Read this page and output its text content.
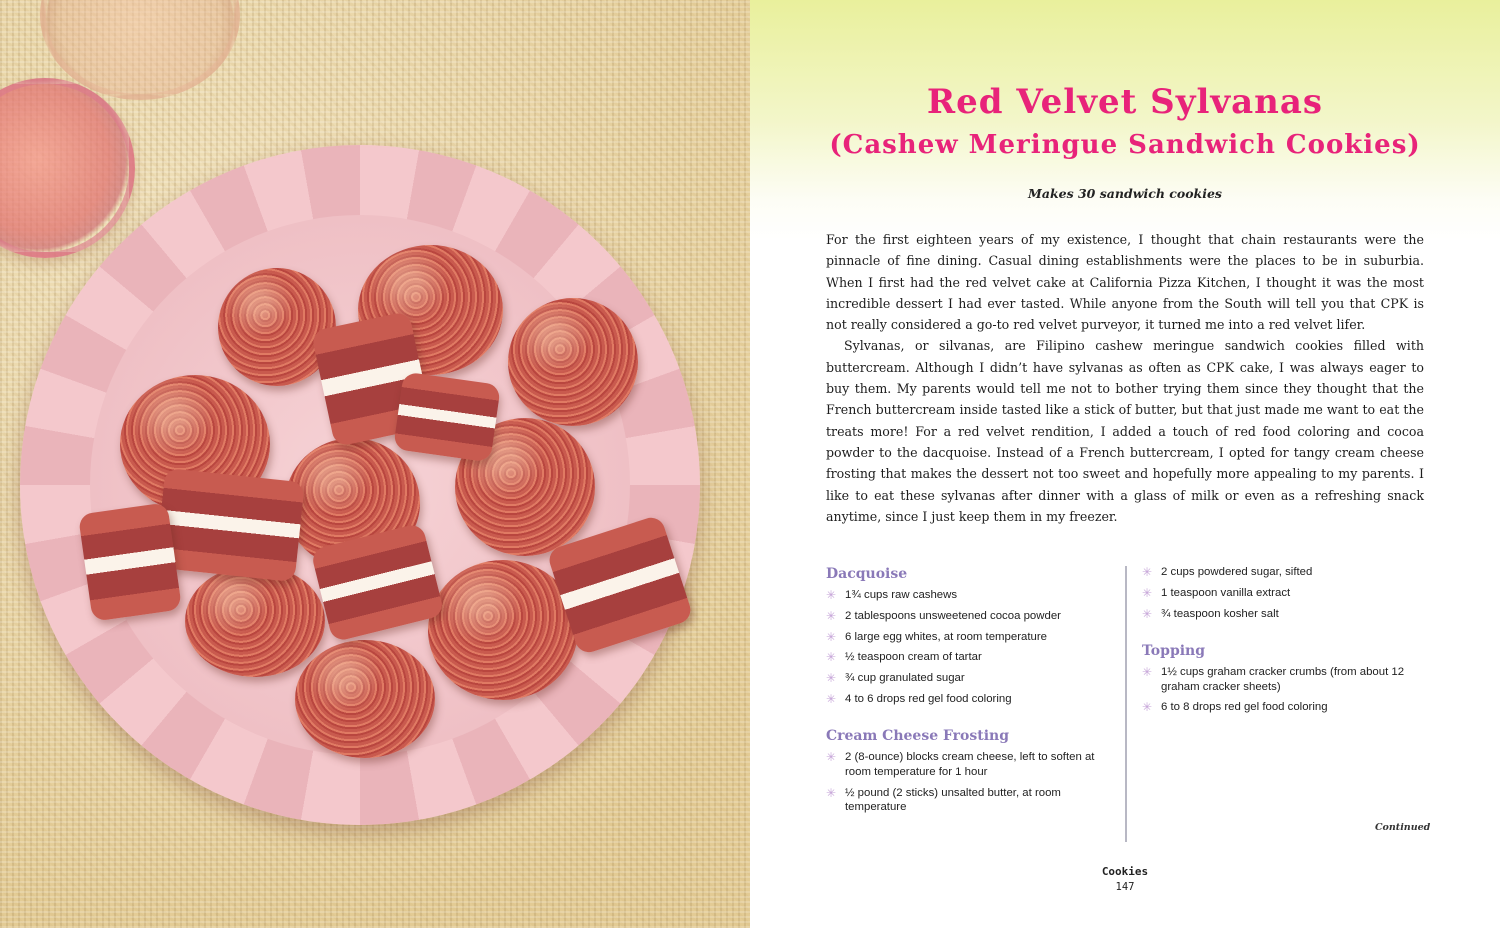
Red Velvet Sylvanas
(Cashew Meringue Sandwich Cookies)
Makes 30 sandwich cookies

For the first eighteen years of my existence, I thought that chain restaurants were the pinnacle of fine dining. Casual dining establishments were the places to be in suburbia. When I first had the red velvet cake at California Pizza Kitchen, I thought it was the most incredible dessert I had ever tasted. While anyone from the South will tell you that CPK is not really considered a go-to red velvet purveyor, it turned me into a red velvet lifer.

Sylvanas, or silvanas, are Filipino cashew meringue sandwich cookies filled with buttercream. Although I didn’t have sylvanas as often as CPK cake, I was always eager to buy them. My parents would tell me not to bother trying them since they thought that the French buttercream inside tasted like a stick of butter, but that just made me want to eat the treats more! For a red velvet rendition, I added a touch of red food coloring and cocoa powder to the dacquoise. Instead of a French buttercream, I opted for tangy cream cheese frosting that makes the dessert not too sweet and hopefully more appealing to my parents. I like to eat these sylvanas after dinner with a glass of milk or even as a refreshing snack anytime, since I just keep them in my freezer.

Dacquoise
✳ 1¾ cups raw cashews
✳ 2 tablespoons unsweetened cocoa powder
✳ 6 large egg whites, at room temperature
✳ ½ teaspoon cream of tartar
✳ ¾ cup granulated sugar
✳ 4 to 6 drops red gel food coloring
Cream Cheese Frosting
✳ 2 (8-ounce) blocks cream cheese, left to soften at room temperature for 1 hour
✳ ½ pound (2 sticks) unsalted butter, at room temperature
✳ 2 cups powdered sugar, sifted
✳ 1 teaspoon vanilla extract
✳ ¾ teaspoon kosher salt
Topping
✳ 1½ cups graham cracker crumbs (from about 12 graham cracker sheets)
✳ 6 to 8 drops red gel food coloring
Continued
Cookies
147
